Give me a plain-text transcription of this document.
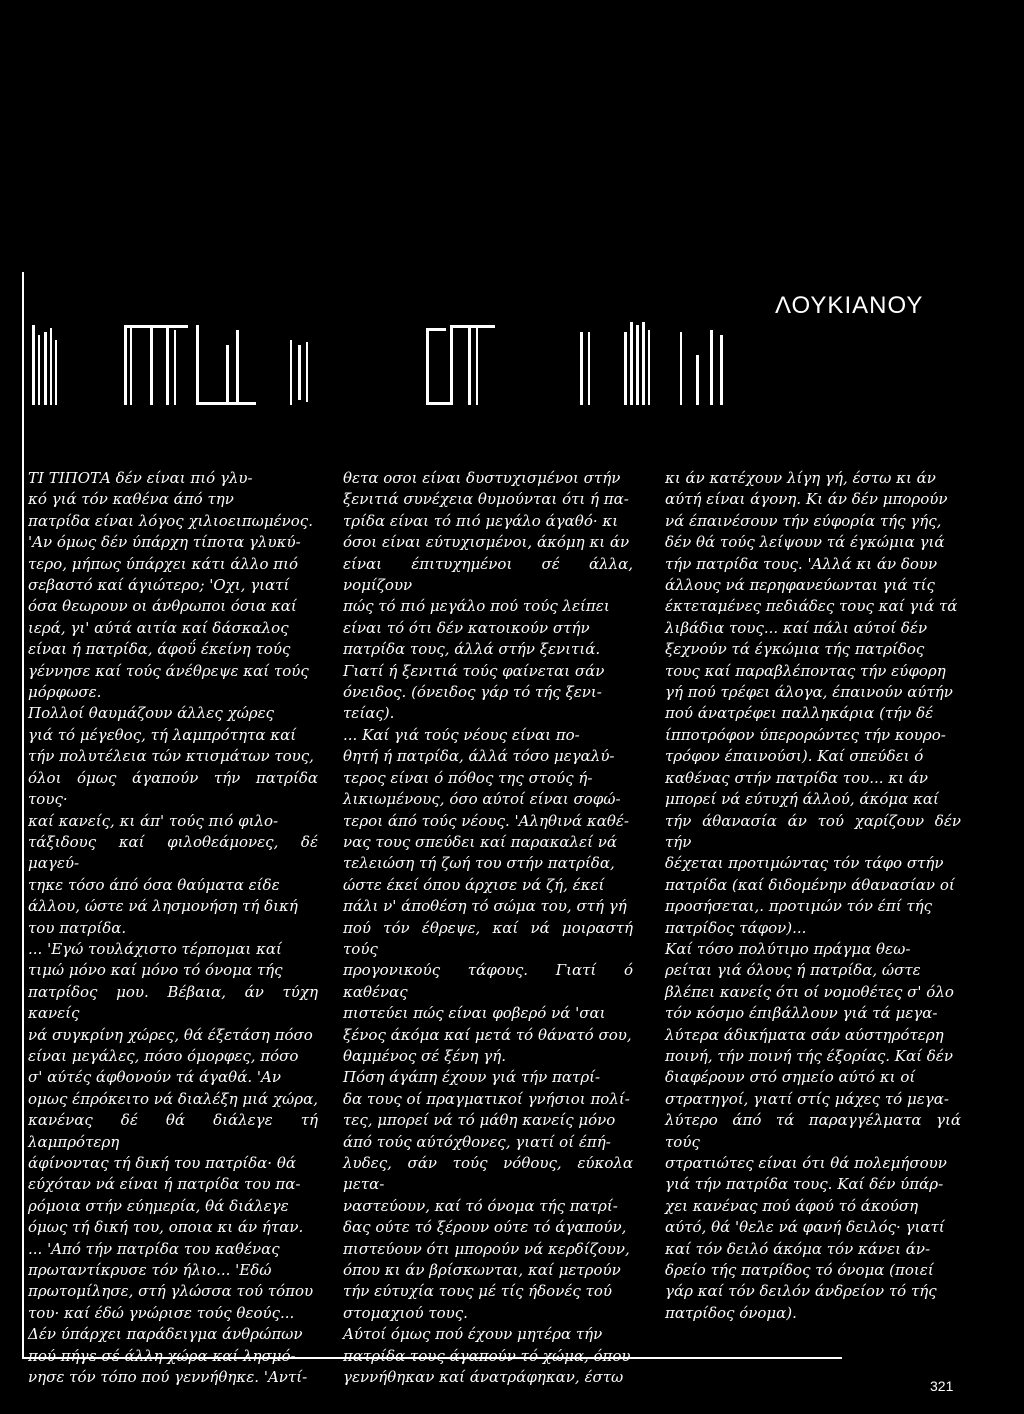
ΛΟΥΚΙΑΝΟΥ

ΤΙ ΤΙΠΟΤΑ δέν είναι πιό γλυ-
κό γιά τόν καθένα άπό την
πατρίδα είναι λόγος χιλιοειπωμένος.
'Αν όμως δέν ύπάρχη τίποτα γλυκύ-
τερο, μήπως ύπάρχει κάτι άλλο πιό
σεβαστό καί άγιώτερο; 'Οχι, γιατί
όσα θεωρουν οι άνθρωποι όσια καί
ιερά, γι' αύτά αιτία καί δάσκαλος
είναι ή πατρίδα, άφοΰ έκείνη τούς
γέννησε καί τούς άνέθρεψε καί τούς
μόρφωσε.

Πολλοί θαυμάζουν άλλες χώρες
γιά τό μέγεθος, τή λαμπρότητα καί
τήν πολυτέλεια τών κτισμάτων τους,
όλοι όμως άγαπούν τήν πατρίδα τους·
καί κανείς, κι άπ' τούς πιό φιλο-
τάξιδους καί φιλοθεάμονες, δέ μαγεύ-
τηκε τόσο άπό όσα θαύματα είδε
άλλου, ώστε νά λησμονήση τή δική
του πατρίδα.

... 'Εγώ τουλάχιστο τέρπομαι καί
τιμώ μόνο καί μόνο τό όνομα τής
πατρίδος μου. Βέβαια, άν τύχη κανείς
νά συγκρίνη χώρες, θά έξετάση πόσο
είναι μεγάλες, πόσο όμορφες, πόσο
σ' αύτές άφθονούν τά άγαθά. 'Αν
ομως έπρόκειτο νά διαλέξη μιά χώρα,
κανένας δέ θά διάλεγε τή λαμπρότερη
άφίνοντας τή δική του πατρίδα· θά
εύχόταν νά είναι ή πατρίδα του πα-
ρόμοια στήν εύημερία, θά διάλεγε
όμως τή δική του, οποια κι άν ήταν.

... 'Από τήν πατρίδα του καθένας
πρωταντίκρυσε τόν ήλιο... 'Εδώ
πρωτομίλησε, στή γλώσσα τού τόπου
του· καί έδώ γνώρισε τούς θεούς...
Δέν ύπάρχει παράδειγμα άνθρώπων
πού πήγε σέ άλλη χώρα καί λησμό-
νησε τόν τόπο πού γεννήθηκε. 'Αντί-

θετα οσοι είναι δυστυχισμένοι στήν
ξενιτιά συνέχεια θυμούνται ότι ή πα-
τρίδα είναι τό πιό μεγάλο άγαθό· κι
όσοι είναι εύτυχισμένοι, άκόμη κι άν
είναι έπιτυχημένοι σέ άλλα, νομίζουν
πώς τό πιό μεγάλο πού τούς λείπει
είναι τό ότι δέν κατοικούν στήν
πατρίδα τους, άλλά στήν ξενιτιά.
Γιατί ή ξενιτιά τούς φαίνεται σάν
όνειδος. (όνειδος γάρ τό τής ξενι-
τείας).

... Καί γιά τούς νέους είναι πο-
θητή ή πατρίδα, άλλά τόσο μεγαλύ-
τερος είναι ό πόθος της στούς ή-
λικιωμένους, όσο αύτοί είναι σοφώ-
τεροι άπό τούς νέους. 'Αληθινά καθέ-
νας τους σπεύδει καί παρακαλεί νά
τελειώση τή ζωή του στήν πατρίδα,
ώστε έκεί όπου άρχισε νά ζή, έκεί
πάλι ν' άποθέση τό σώμα του, στή γή
πού τόν έθρεψε, καί νά μοιραστή τούς
προγονικούς τάφους. Γιατί ό καθένας
πιστεύει πώς είναι φοβερό νά 'σαι
ξένος άκόμα καί μετά τό θάνατό σου,
θαμμένος σέ ξένη γή.

Πόση άγάπη έχουν γιά τήν πατρί-
δα τους οί πραγματικοί γνήσιοι πολί-
τες, μπορεί νά τό μάθη κανείς μόνο
άπό τούς αύτόχθονες, γιατί οί έπή-
λυδες, σάν τούς νόθους, εύκολα μετα-
ναστεύουν, καί τό όνομα τής πατρί-
δας ούτε τό ξέρουν ούτε τό άγαπούν,
πιστεύουν ότι μπορούν νά κερδίζουν,
όπου κι άν βρίσκωνται, καί μετρούν
τήν εύτυχία τους μέ τίς ήδονές τού
στομαχιού τους.

Αύτοί όμως πού έχουν μητέρα τήν
πατρίδα τους άγαπούν τό χώμα, όπου
γεννήθηκαν καί άνατράφηκαν, έστω

κι άν κατέχουν λίγη γή, έστω κι άν
αύτή είναι άγονη. Κι άν δέν μπορούν
νά έπαινέσουν τήν εύφορία τής γής,
δέν θά τούς λείψουν τά έγκώμια γιά
τήν πατρίδα τους. 'Αλλά κι άν δουν
άλλους νά περηφανεύωνται γιά τίς
έκτεταμένες πεδιάδες τους καί γιά τά
λιβάδια τους... καί πάλι αύτοί δέν
ξεχνούν τά έγκώμια τής πατρίδος
τους καί παραβλέποντας τήν εύφορη
γή πού τρέφει άλογα, έπαινούν αύτήν
πού άνατρέφει παλληκάρια (τήν δέ
ίπποτρόφον ύπερορώντες τήν κουρο-
τρόφον έπαινούσι). Καί σπεύδει ό
καθένας στήν πατρίδα του... κι άν
μπορεί νά εύτυχή άλλού, άκόμα καί
τήν άθανασία άν τού χαρίζουν δέν τήν
δέχεται προτιμώντας τόν τάφο στήν
πατρίδα (καί διδομένην άθανασίαν οί
προσήσεται,. προτιμών τόν έπί τής
πατρίδος τάφον)...

Καί τόσο πολύτιμο πράγμα θεω-
ρείται γιά όλους ή πατρίδα, ώστε
βλέπει κανείς ότι οί νομοθέτες σ' όλο
τόν κόσμο έπιβάλλουν γιά τά μεγα-
λύτερα άδικήματα σάν αύστηρότερη
ποινή, τήν ποινή τής έξορίας. Καί δέν
διαφέρουν στό σημείο αύτό κι οί
στρατηγοί, γιατί στίς μάχες τό μεγα-
λύτερο άπό τά παραγγέλματα γιά τούς
στρατιώτες είναι ότι θά πολεμήσουν
γιά τήν πατρίδα τους. Καί δέν ύπάρ-
χει κανένας πού άφού τό άκούση
αύτό, θά 'θελε νά φανή δειλός· γιατί
καί τόν δειλό άκόμα τόν κάνει άν-
δρείο τής πατρίδος τό όνομα (ποιεί
γάρ καί τόν δειλόν άνδρείον τό τής
πατρίδος όνομα).

321
